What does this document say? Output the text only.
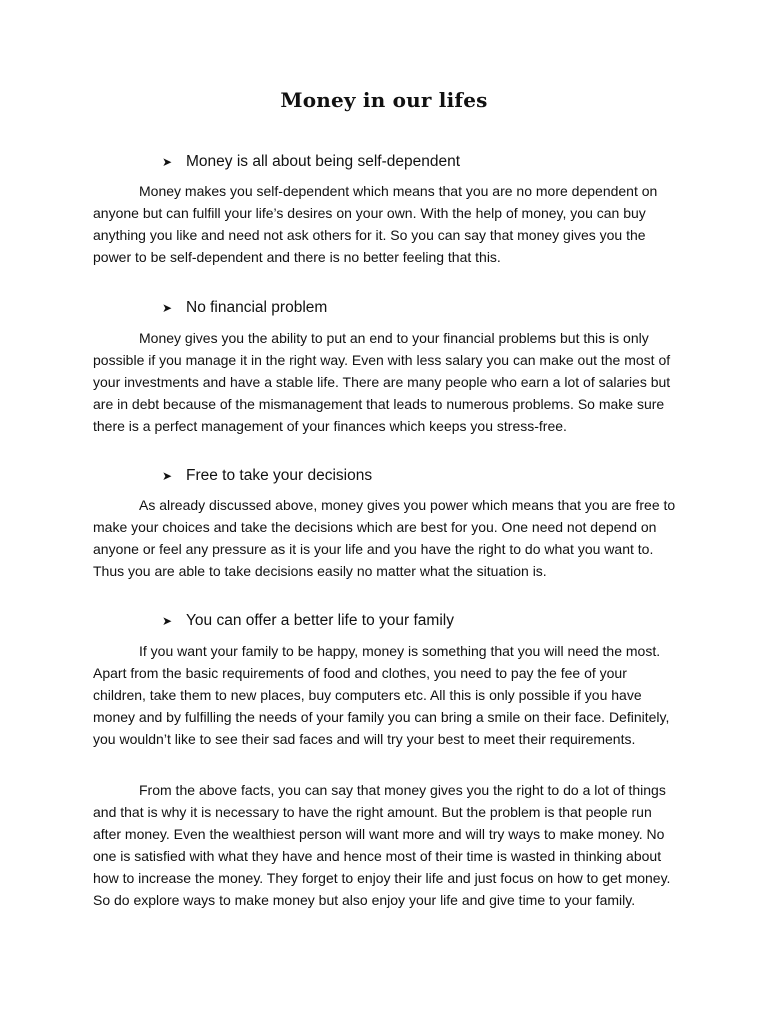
Money in our lifes
➤ Money is all about being self-dependent

Money makes you self-dependent which means that you are no more dependent on anyone but can fulfill your life’s desires on your own. With the help of money, you can buy anything you like and need not ask others for it. So you can say that money gives you the power to be self-dependent and there is no better feeling that this.

➤ No financial problem

Money gives you the ability to put an end to your financial problems but this is only possible if you manage it in the right way. Even with less salary you can make out the most of your investments and have a stable life. There are many people who earn a lot of salaries but are in debt because of the mismanagement that leads to numerous problems. So make sure there is a perfect management of your finances which keeps you stress-free.

➤ Free to take your decisions

As already discussed above, money gives you power which means that you are free to make your choices and take the decisions which are best for you. One need not depend on anyone or feel any pressure as it is your life and you have the right to do what you want to. Thus you are able to take decisions easily no matter what the situation is.

➤ You can offer a better life to your family

If you want your family to be happy, money is something that you will need the most. Apart from the basic requirements of food and clothes, you need to pay the fee of your children, take them to new places, buy computers etc. All this is only possible if you have money and by fulfilling the needs of your family you can bring a smile on their face. Definitely, you wouldn’t like to see their sad faces and will try your best to meet their requirements.

From the above facts, you can say that money gives you the right to do a lot of things and that is why it is necessary to have the right amount. But the problem is that people run after money. Even the wealthiest person will want more and will try ways to make money. No one is satisfied with what they have and hence most of their time is wasted in thinking about how to increase the money. They forget to enjoy their life and just focus on how to get money. So do explore ways to make money but also enjoy your life and give time to your family.
